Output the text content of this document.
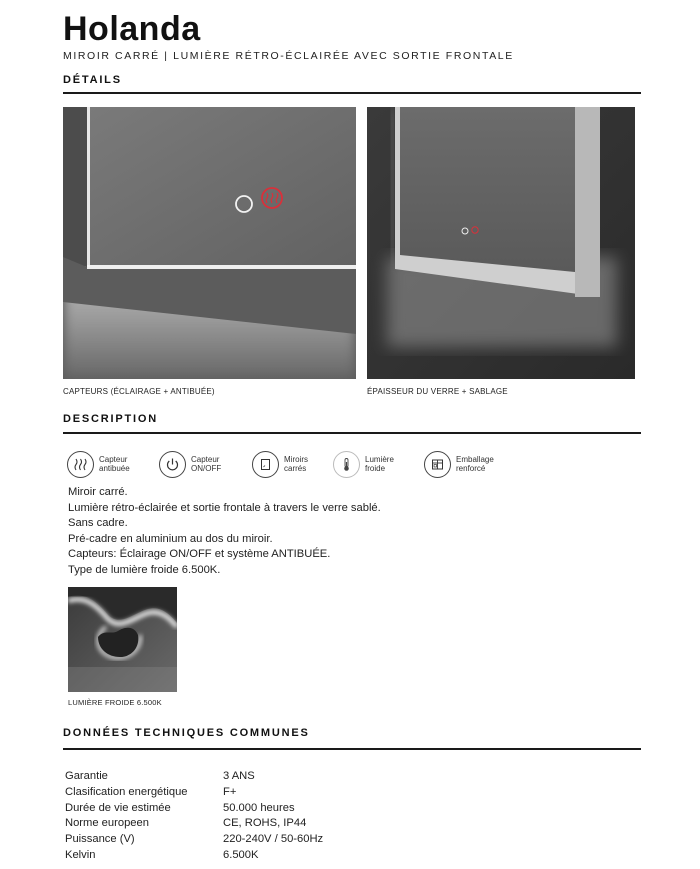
Holanda
MIROIR CARRÉ | LUMIÈRE RÉTRO-ÉCLAIRÉE AVEC SORTIE FRONTALE
DÉTAILS
CAPTEURS (ÉCLAIRAGE + ANTIBUÉE)	ÉPAISSEUR DU VERRE + SABLAGE
DESCRIPTION
Capteur
antibuée
Capteur
ON/OFF
Miroirs
carrés
Lumière
froide
Emballage
renforcé
Miroir carré.
Lumière rétro-éclairée et sortie frontale à travers le verre sablé.
Sans cadre.
Pré-cadre en aluminium au dos du miroir.
Capteurs: Éclairage ON/OFF et système ANTIBUÉE.
Type de lumière froide 6.500K.
LUMIÈRE FROIDE 6.500K
DONNÉES TECHNIQUES COMMUNES
Garantie	3 ANS
Clasification energétique	F+
Durée de vie estimée	50.000 heures
Norme europeen	CE, ROHS, IP44
Puissance (V)	220-240V / 50-60Hz
Kelvin	6.500K
